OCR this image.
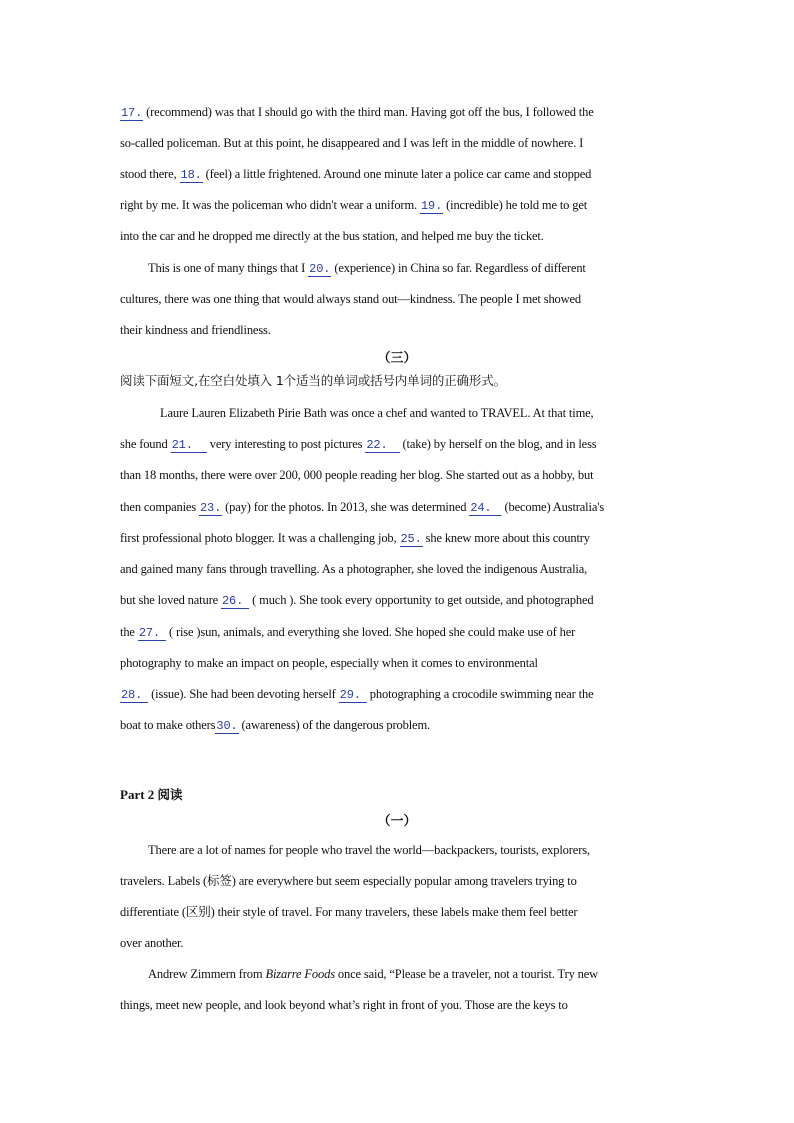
17. (recommend) was that I should go with the third man. Having got off the bus, I followed the
so-called policeman. But at this point, he disappeared and I was left in the middle of nowhere. I
stood there, 18. (feel) a little frightened. Around one minute later a police car came and stopped
right by me. It was the policeman who didn't wear a uniform. 19. (incredible) he told me to get
into the car and he dropped me directly at the bus station, and helped me buy the ticket.
This is one of many things that I 20. (experience) in China so far. Regardless of different
cultures, there was one thing that would always stand out—kindness. The people I met showed
their kindness and friendliness.
（三）
阅读下面短文,在空白处填入 1个适当的单词或括号内单词的正确形式。
Laure Lauren Elizabeth Pirie Bath was once a chef and wanted to TRAVEL. At that time,
she found 21. very interesting to post pictures 22. (take) by herself on the blog, and in less
than 18 months, there were over 200, 000 people reading her blog. She started out as a hobby, but
then companies 23. (pay) for the photos. In 2013, she was determined 24. (become) Australia's
first professional photo blogger. It was a challenging job, 25. she knew more about this country
and gained many fans through travelling. As a photographer, she loved the indigenous Australia,
but she loved nature 26. ( much ). She took every opportunity to get outside, and photographed
the 27. ( rise )sun, animals, and everything she loved. She hoped she could make use of her
photography to make an impact on people, especially when it comes to environmental
28. (issue). She had been devoting herself 29. photographing a crocodile swimming near the
boat to make others30. (awareness) of the dangerous problem.
Part 2 阅读
（一）
There are a lot of names for people who travel the world—backpackers, tourists, explorers,
travelers. Labels (标签) are everywhere but seem especially popular among travelers trying to
differentiate (区别) their style of travel. For many travelers, these labels make them feel better
over another.
Andrew Zimmern from Bizarre Foods once said, “Please be a traveler, not a tourist. Try new
things, meet new people, and look beyond what’s right in front of you. Those are the keys to
